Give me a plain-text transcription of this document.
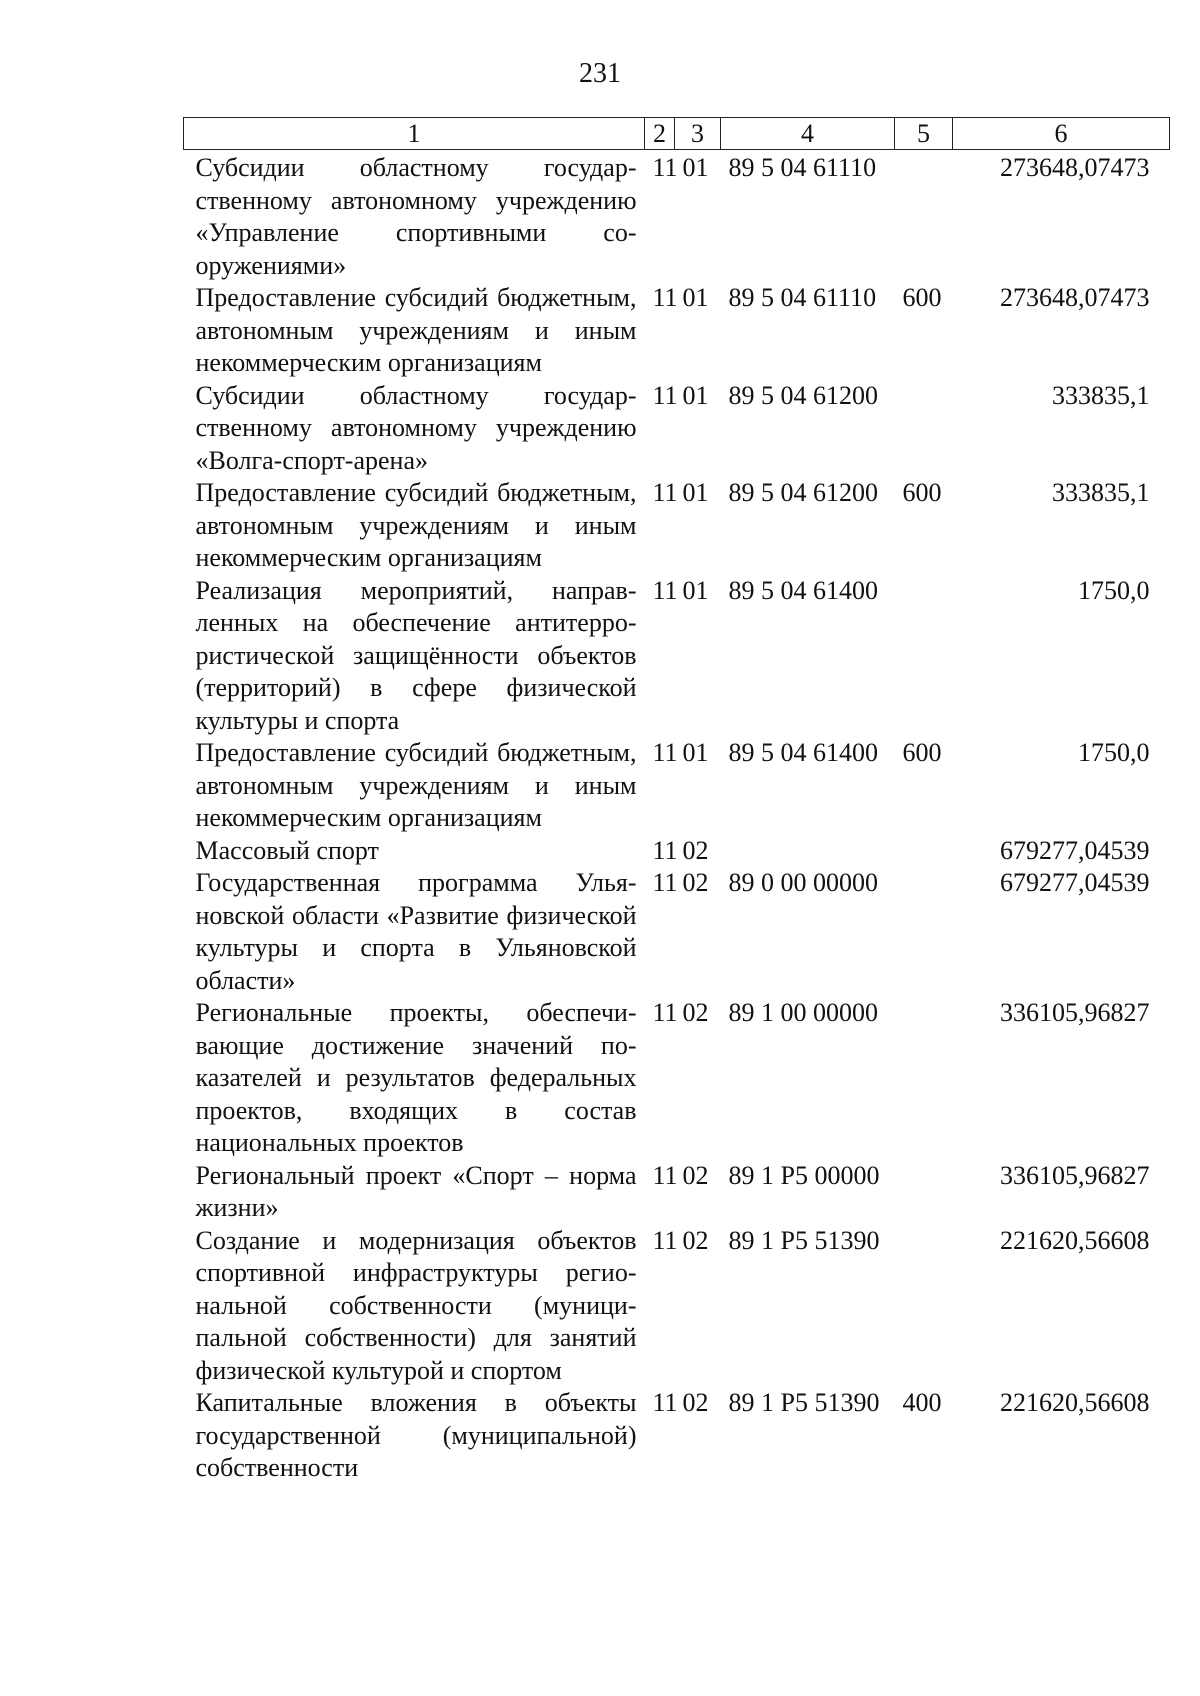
231
1	2	3	4	5	6
Субсидии областному государственному автономному учреждению «Управление спортивными сооружениями»	11	01	89 5 04 61110		273648,07473
Предоставление субсидий бюджетным, автономным учреждениям и иным некоммерческим организациям	11	01	89 5 04 61110	600	273648,07473
Субсидии областному государственному автономному учреждению «Волга-спорт-арена»	11	01	89 5 04 61200		333835,1
Предоставление субсидий бюджетным, автономным учреждениям и иным некоммерческим организациям	11	01	89 5 04 61200	600	333835,1
Реализация мероприятий, направленных на обеспечение антитеррористической защищённости объектов (территорий) в сфере физической культуры и спорта	11	01	89 5 04 61400		1750,0
Предоставление субсидий бюджетным, автономным учреждениям и иным некоммерческим организациям	11	01	89 5 04 61400	600	1750,0
Массовый спорт	11	02			679277,04539
Государственная программа Ульяновской области «Развитие физической культуры и спорта в Ульяновской области»	11	02	89 0 00 00000		679277,04539
Региональные проекты, обеспечивающие достижение значений показателей и результатов федеральных проектов, входящих в состав национальных проектов	11	02	89 1 00 00000		336105,96827
Региональный проект «Спорт – норма жизни»	11	02	89 1 P5 00000		336105,96827
Создание и модернизация объектов спортивной инфраструктуры региональной собственности (муниципальной собственности) для занятий физической культурой и спортом	11	02	89 1 P5 51390		221620,56608
Капитальные вложения в объекты государственной (муниципальной) собственности	11	02	89 1 P5 51390	400	221620,56608
